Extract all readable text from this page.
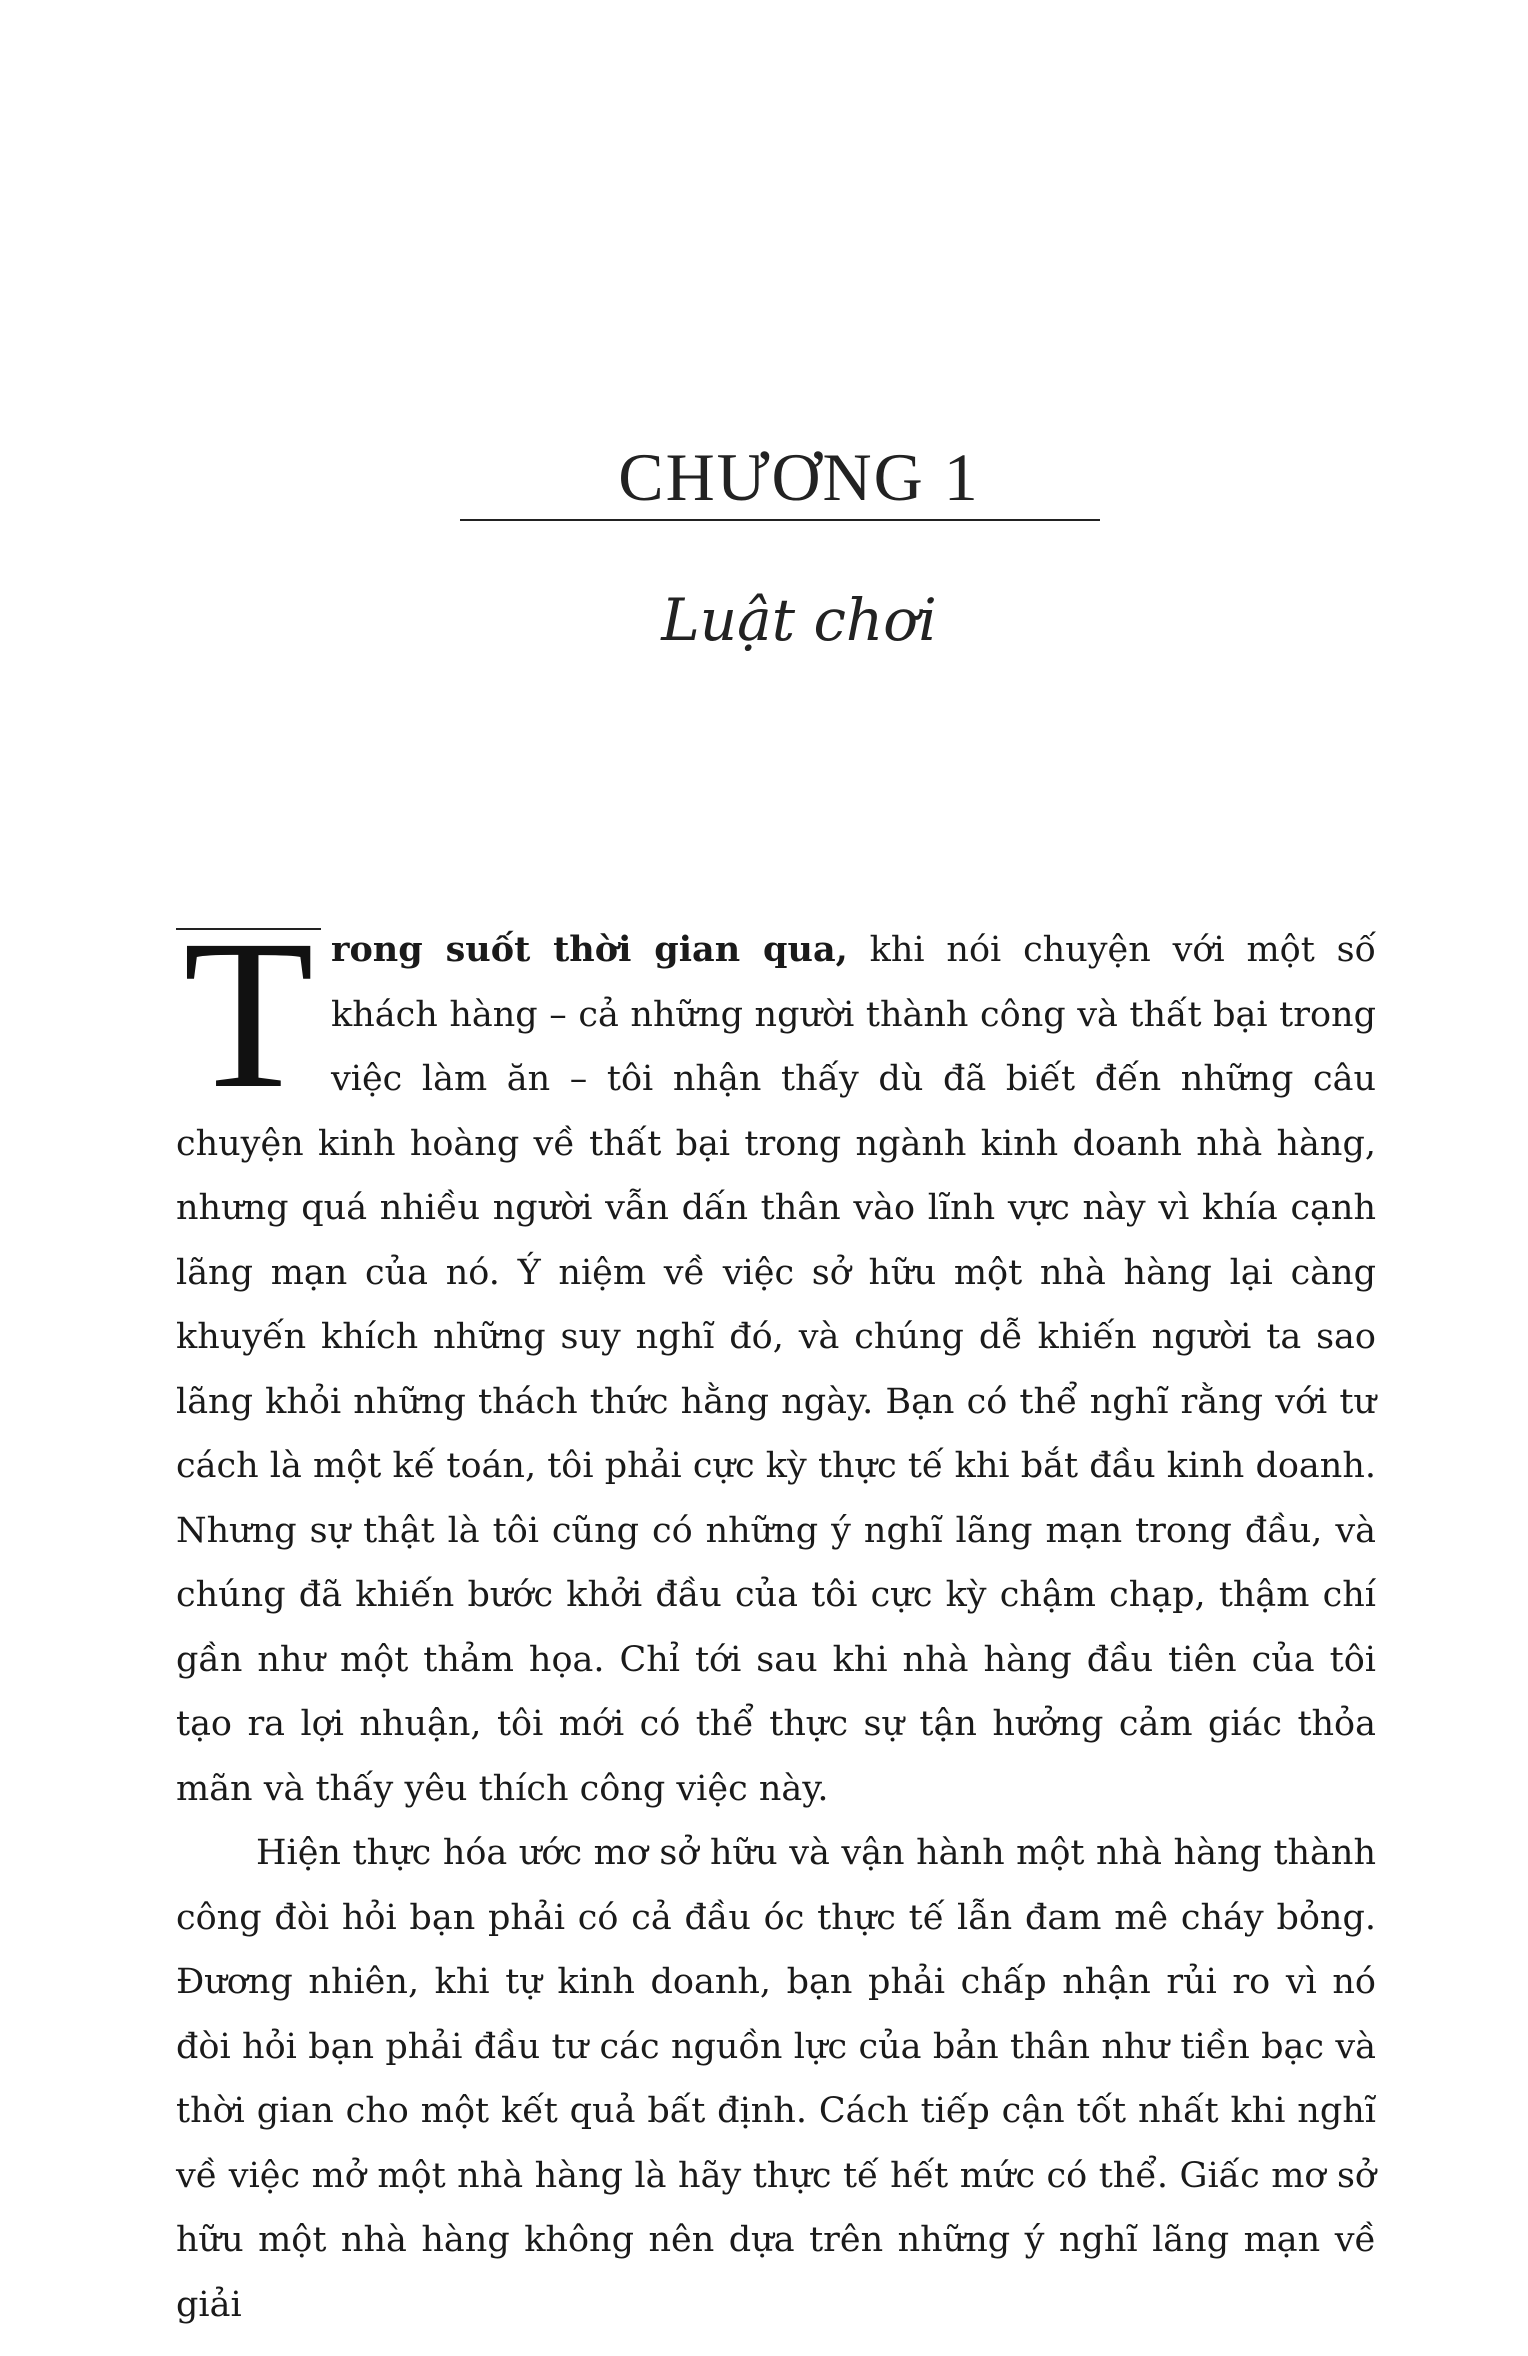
CHƯƠNG 1
Luật chơi

T rong suốt thời gian qua, khi nói chuyện với một số khách hàng – cả những người thành công và thất bại trong việc làm ăn – tôi nhận thấy dù đã biết đến những câu chuyện kinh hoàng về thất bại trong ngành kinh doanh nhà hàng, nhưng quá nhiều người vẫn dấn thân vào lĩnh vực này vì khía cạnh lãng mạn của nó. Ý niệm về việc sở hữu một nhà hàng lại càng khuyến khích những suy nghĩ đó, và chúng dễ khiến người ta sao lãng khỏi những thách thức hằng ngày. Bạn có thể nghĩ rằng với tư cách là một kế toán, tôi phải cực kỳ thực tế khi bắt đầu kinh doanh. Nhưng sự thật là tôi cũng có những ý nghĩ lãng mạn trong đầu, và chúng đã khiến bước khởi đầu của tôi cực kỳ chậm chạp, thậm chí gần như một thảm họa. Chỉ tới sau khi nhà hàng đầu tiên của tôi tạo ra lợi nhuận, tôi mới có thể thực sự tận hưởng cảm giác thỏa mãn và thấy yêu thích công việc này.

Hiện thực hóa ước mơ sở hữu và vận hành một nhà hàng thành công đòi hỏi bạn phải có cả đầu óc thực tế lẫn đam mê cháy bỏng. Đương nhiên, khi tự kinh doanh, bạn phải chấp nhận rủi ro vì nó đòi hỏi bạn phải đầu tư các nguồn lực của bản thân như tiền bạc và thời gian cho một kết quả bất định. Cách tiếp cận tốt nhất khi nghĩ về việc mở một nhà hàng là hãy thực tế hết mức có thể. Giấc mơ sở hữu một nhà hàng không nên dựa trên những ý nghĩ lãng mạn về giải
